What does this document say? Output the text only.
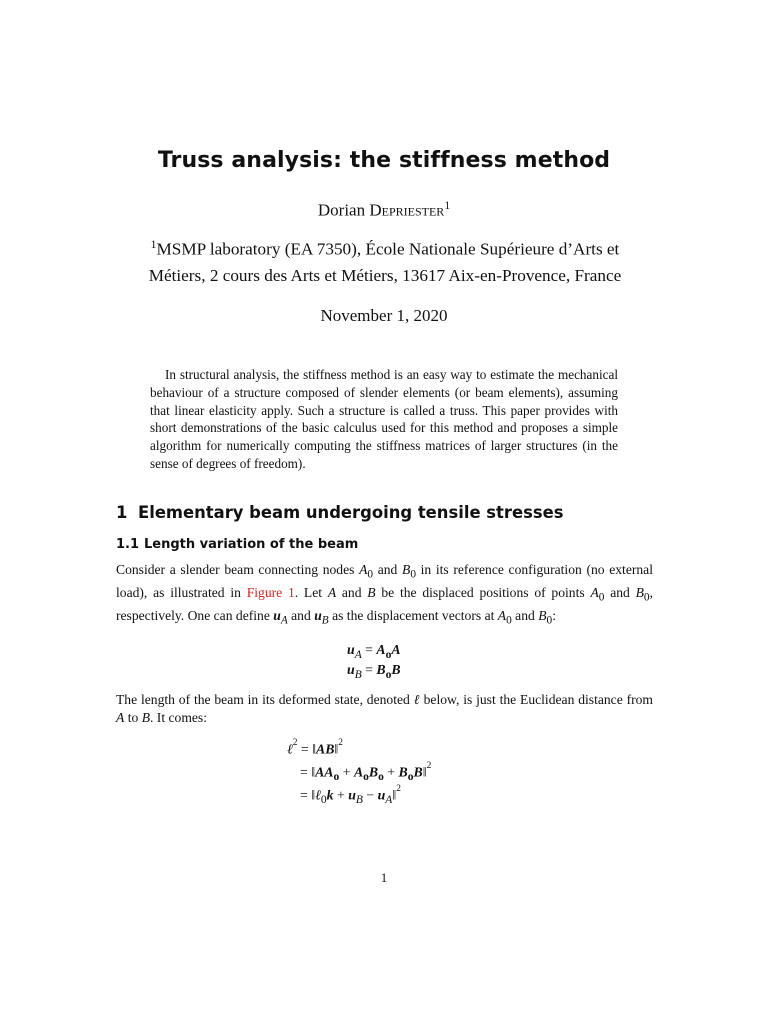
Truss analysis: the stiffness method
Dorian Depriester$^1$
$^1$MSMP laboratory (EA 7350), École Nationale Supérieure d’Arts et
Métiers, 2 cours des Arts et Métiers, 13617 Aix-en-Provence, France
November 1, 2020

In structural analysis, the stiffness method is an easy way to estimate the mechanical behaviour of a structure composed of slender elements (or beam elements), assuming that linear elasticity apply. Such a structure is called a truss. This paper provides with short demonstrations of the basic calculus used for this method and proposes a simple algorithm for numerically computing the stiffness matrices of larger structures (in the sense of degrees of freedom).

1 Elementary beam undergoing tensile stresses
1.1 Length variation of the beam

Consider a slender beam connecting nodes $A_0$ and $B_0$ in its reference configuration (no external load), as illustrated in Figure 1. Let A and B be the displaced positions of points $A_0$ and $B_0$, respectively. One can define $u_A$ and $u_B$ as the displacement vectors at $A_0$ and $B_0$:

$u_A = A_oA$
$u_B = B_oB$

The length of the beam in its deformed state, denoted ℓ below, is just the Euclidean distance from A to B. It comes:

ℓ$^2$ = ‖AB‖$^2$
= $‖AA_o + A_oB_o$ + $B_oB‖^2$
= ‖ℓ$_0$k + $u_B$ − $u_A‖^2$
1
